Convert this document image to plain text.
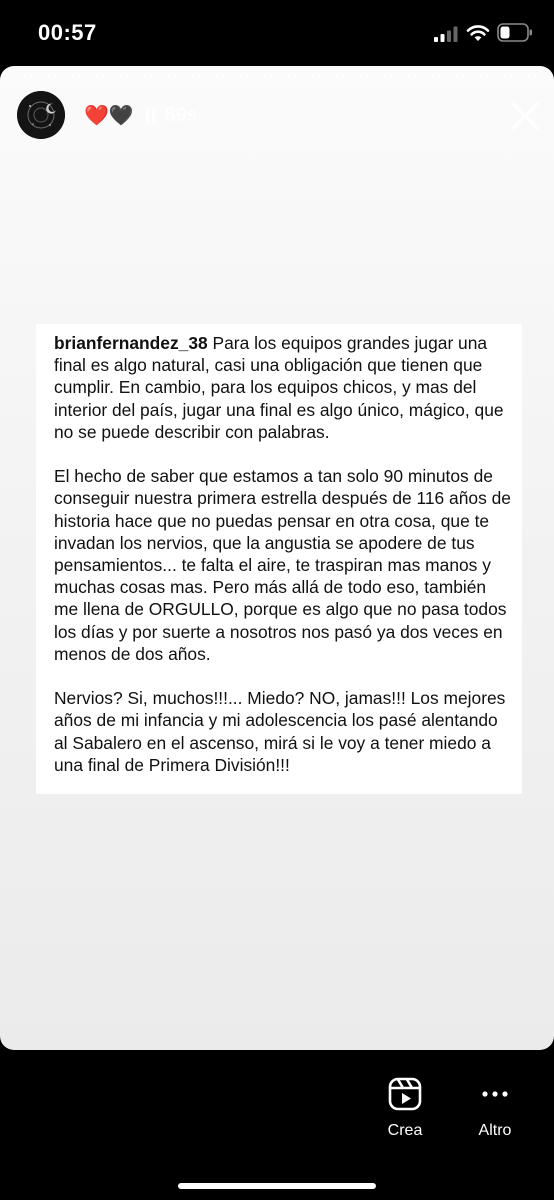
00:57
❤️🖤 89s

brianfernandez_38 Para los equipos grandes jugar una final es algo natural, casi una obligación que tienen que cumplir. En cambio, para los equipos chicos, y mas del interior del país, jugar una final es algo único, mágico, que no se puede describir con palabras.

El hecho de saber que estamos a tan solo 90 minutos de conseguir nuestra primera estrella después de 116 años de historia hace que no puedas pensar en otra cosa, que te invadan los nervios, que la angustia se apodere de tus pensamientos... te falta el aire, te traspiran mas manos y muchas cosas mas. Pero más allá de todo eso, también me llena de ORGULLO, porque es algo que no pasa todos los días y por suerte a nosotros nos pasó ya dos veces en menos de dos años.

Nervios? Si, muchos!!!... Miedo? NO, jamas!!! Los mejores años de mi infancia y mi adolescencia los pasé alentando al Sabalero en el ascenso, mirá si le voy a tener miedo a una final de Primera División!!!

Crea	Altro
